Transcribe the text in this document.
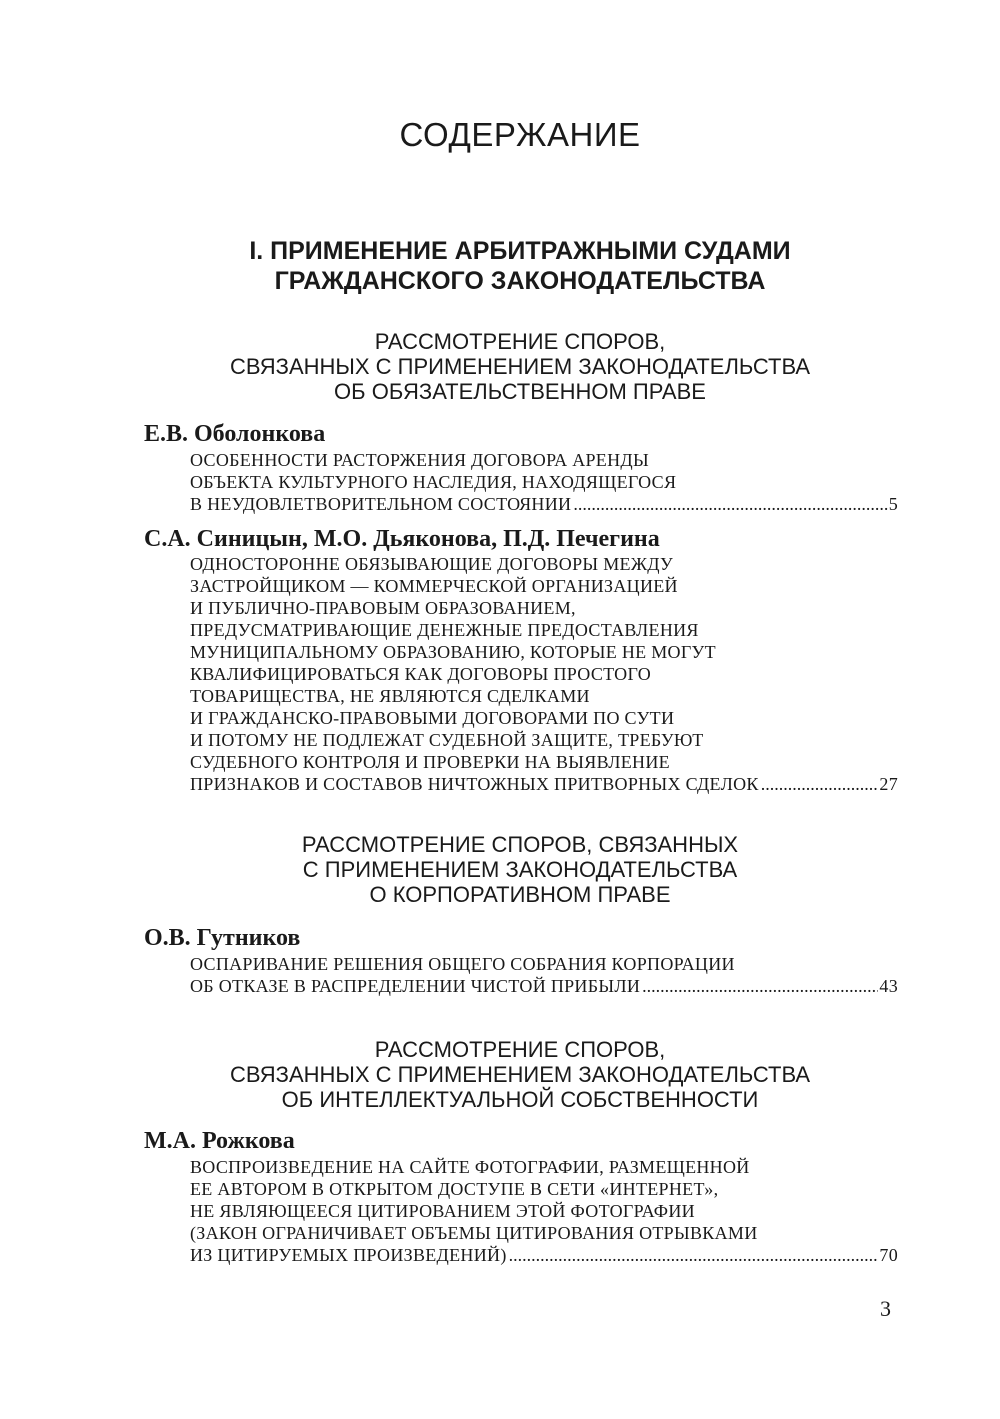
СОДЕРЖАНИЕ
I. ПРИМЕНЕНИЕ АРБИТРАЖНЫМИ СУДАМИ
ГРАЖДАНСКОГО ЗАКОНОДАТЕЛЬСТВА
РАССМОТРЕНИЕ СПОРОВ,
СВЯЗАННЫХ С ПРИМЕНЕНИЕМ ЗАКОНОДАТЕЛЬСТВА
ОБ ОБЯЗАТЕЛЬСТВЕННОМ ПРАВЕ
Е.В. Оболонкова
ОСОБЕННОСТИ РАСТОРЖЕНИЯ ДОГОВОРА АРЕНДЫ
ОБЪЕКТА КУЛЬТУРНОГО НАСЛЕДИЯ, НАХОДЯЩЕГОСЯ
В НЕУДОВЛЕТВОРИТЕЛЬНОМ СОСТОЯНИИ .....	5
С.А. Синицын, М.О. Дьяконова, П.Д. Печегина
ОДНОСТОРОННЕ ОБЯЗЫВАЮЩИЕ ДОГОВОРЫ МЕЖДУ
ЗАСТРОЙЩИКОМ — КОММЕРЧЕСКОЙ ОРГАНИЗАЦИЕЙ
И ПУБЛИЧНО-ПРАВОВЫМ ОБРАЗОВАНИЕМ,
ПРЕДУСМАТРИВАЮЩИЕ ДЕНЕЖНЫЕ ПРЕДОСТАВЛЕНИЯ
МУНИЦИПАЛЬНОМУ ОБРАЗОВАНИЮ, КОТОРЫЕ НЕ МОГУТ
КВАЛИФИЦИРОВАТЬСЯ КАК ДОГОВОРЫ ПРОСТОГО
ТОВАРИЩЕСТВА, НЕ ЯВЛЯЮТСЯ СДЕЛКАМИ
И ГРАЖДАНСКО-ПРАВОВЫМИ ДОГОВОРАМИ ПО СУТИ
И ПОТОМУ НЕ ПОДЛЕЖАТ СУДЕБНОЙ ЗАЩИТЕ, ТРЕБУЮТ
СУДЕБНОГО КОНТРОЛЯ И ПРОВЕРКИ НА ВЫЯВЛЕНИЕ
ПРИЗНАКОВ И СОСТАВОВ НИЧТОЖНЫХ ПРИТВОРНЫХ СДЕЛОК .....	27
РАССМОТРЕНИЕ СПОРОВ, СВЯЗАННЫХ
С ПРИМЕНЕНИЕМ ЗАКОНОДАТЕЛЬСТВА
О КОРПОРАТИВНОМ ПРАВЕ
О.В. Гутников
ОСПАРИВАНИЕ РЕШЕНИЯ ОБЩЕГО СОБРАНИЯ КОРПОРАЦИИ
ОБ ОТКАЗЕ В РАСПРЕДЕЛЕНИИ ЧИСТОЙ ПРИБЫЛИ .....	43
РАССМОТРЕНИЕ СПОРОВ,
СВЯЗАННЫХ С ПРИМЕНЕНИЕМ ЗАКОНОДАТЕЛЬСТВА
ОБ ИНТЕЛЛЕКТУАЛЬНОЙ СОБСТВЕННОСТИ
М.А. Рожкова
ВОСПРОИЗВЕДЕНИЕ НА САЙТЕ ФОТОГРАФИИ, РАЗМЕЩЕННОЙ
ЕЕ АВТОРОМ В ОТКРЫТОМ ДОСТУПЕ В СЕТИ «ИНТЕРНЕТ»,
НЕ ЯВЛЯЮЩЕЕСЯ ЦИТИРОВАНИЕМ ЭТОЙ ФОТОГРАФИИ
(ЗАКОН ОГРАНИЧИВАЕТ ОБЪЕМЫ ЦИТИРОВАНИЯ ОТРЫВКАМИ
ИЗ ЦИТИРУЕМЫХ ПРОИЗВЕДЕНИЙ) .....	70
3
